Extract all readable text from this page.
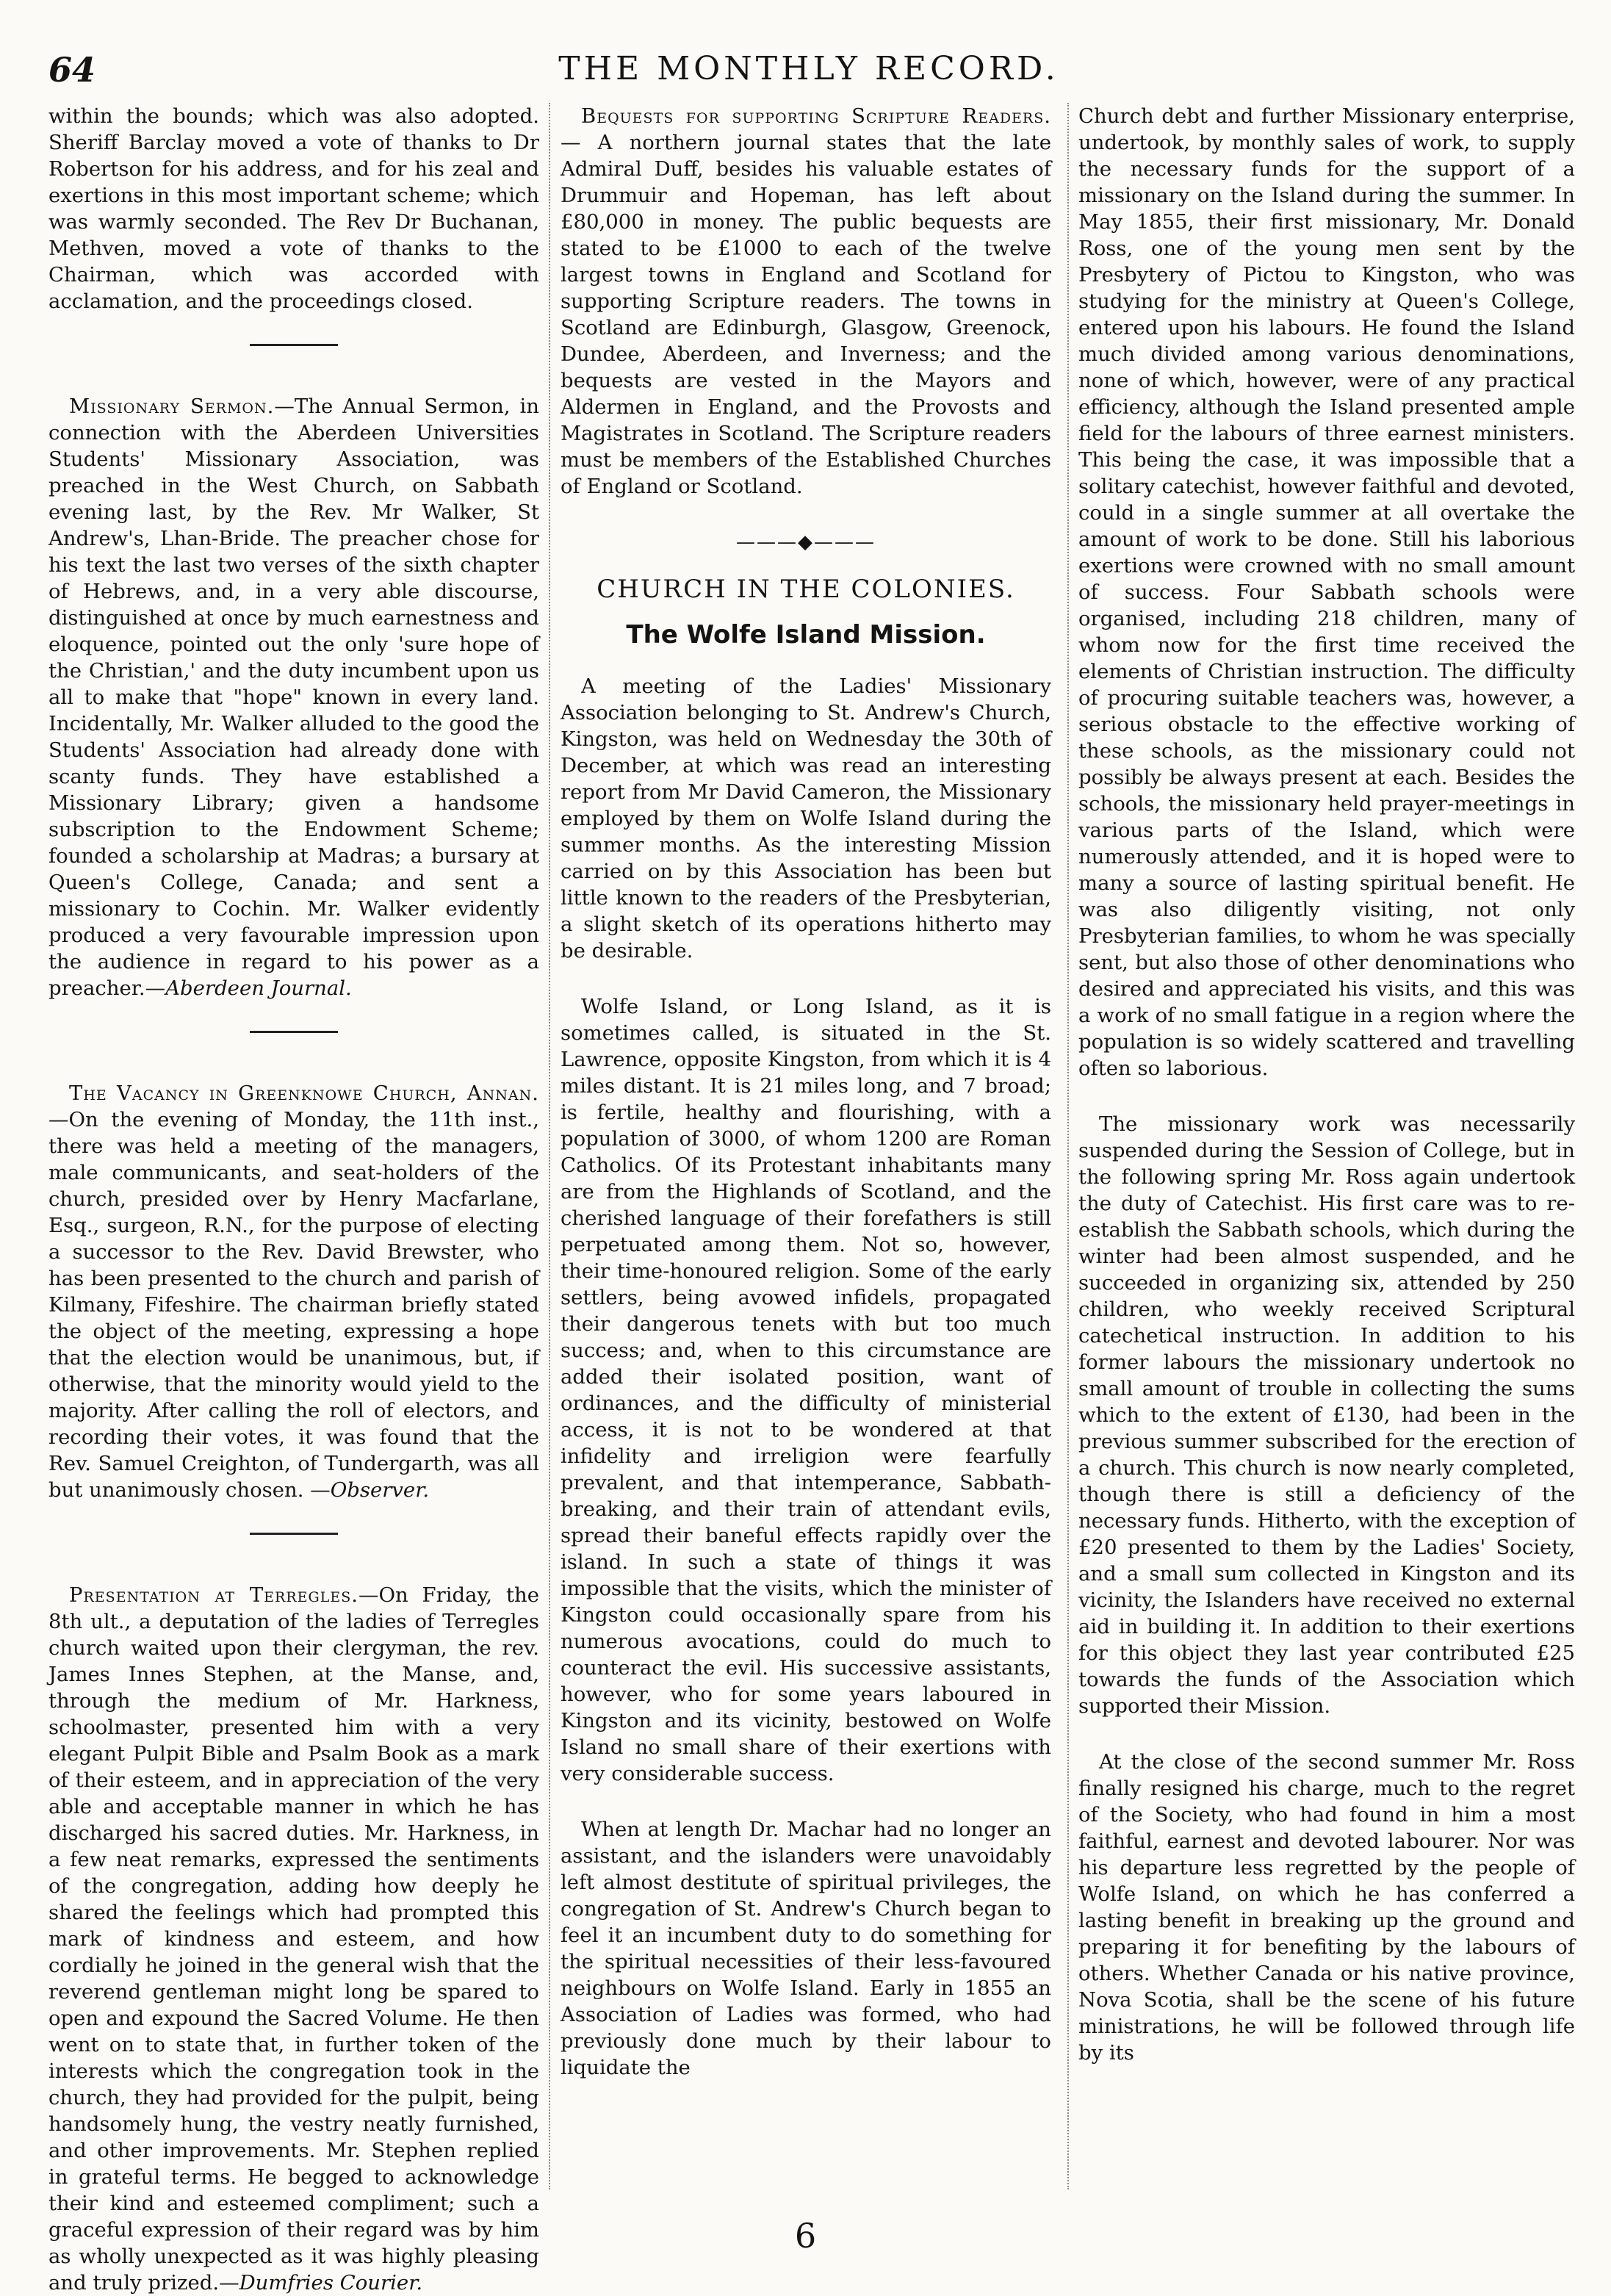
64	THE MONTHLY RECORD.

within the bounds; which was also adopted. Sheriff Barclay moved a vote of thanks to Dr Robertson for his address, and for his zeal and exertions in this most important scheme; which was warmly seconded. The Rev Dr Buchanan, Methven, moved a vote of thanks to the Chairman, which was accorded with acclamation, and the proceedings closed.

Missionary Sermon.—The Annual Sermon, in connection with the Aberdeen Universities Students' Missionary Association, was preached in the West Church, on Sabbath evening last, by the Rev. Mr Walker, St Andrew's, Lhan-Bride. The preacher chose for his text the last two verses of the sixth chapter of Hebrews, and, in a very able discourse, distinguished at once by much earnestness and eloquence, pointed out the only 'sure hope of the Christian,' and the duty incumbent upon us all to make that "hope" known in every land. Incidentally, Mr. Walker alluded to the good the Students' Association had already done with scanty funds. They have established a Missionary Library; given a handsome subscription to the Endowment Scheme; founded a scholarship at Madras; a bursary at Queen's College, Canada; and sent a missionary to Cochin. Mr. Walker evidently produced a very favourable impression upon the audience in regard to his power as a preacher.—Aberdeen Journal.

The Vacancy in Greenknowe Church, Annan.—On the evening of Monday, the 11th inst., there was held a meeting of the managers, male communicants, and seat-holders of the church, presided over by Henry Macfarlane, Esq., surgeon, R.N., for the purpose of electing a successor to the Rev. David Brewster, who has been presented to the church and parish of Kilmany, Fifeshire. The chairman briefly stated the object of the meeting, expressing a hope that the election would be unanimous, but, if otherwise, that the minority would yield to the majority. After calling the roll of electors, and recording their votes, it was found that the Rev. Samuel Creighton, of Tundergarth, was all but unanimously chosen. —Observer.

Presentation at Terregles.—On Friday, the 8th ult., a deputation of the ladies of Terregles church waited upon their clergyman, the rev. James Innes Stephen, at the Manse, and, through the medium of Mr. Harkness, schoolmaster, presented him with a very elegant Pulpit Bible and Psalm Book as a mark of their esteem, and in appreciation of the very able and acceptable manner in which he has discharged his sacred duties. Mr. Harkness, in a few neat remarks, expressed the sentiments of the congregation, adding how deeply he shared the feelings which had prompted this mark of kindness and esteem, and how cordially he joined in the general wish that the reverend gentleman might long be spared to open and expound the Sacred Volume. He then went on to state that, in further token of the interests which the congregation took in the church, they had provided for the pulpit, being handsomely hung, the vestry neatly furnished, and other improvements. Mr. Stephen replied in grateful terms. He begged to acknowledge their kind and esteemed compliment; such a graceful expression of their regard was by him as wholly unexpected as it was highly pleasing and truly prized.—Dumfries Courier.

Bequests for supporting Scripture Readers.— A northern journal states that the late Admiral Duff, besides his valuable estates of Drummuir and Hopeman, has left about £80,000 in money. The public bequests are stated to be £1000 to each of the twelve largest towns in England and Scotland for supporting Scripture readers. The towns in Scotland are Edinburgh, Glasgow, Greenock, Dundee, Aberdeen, and Inverness; and the bequests are vested in the Mayors and Aldermen in England, and the Provosts and Magistrates in Scotland. The Scripture readers must be members of the Established Churches of England or Scotland.

———◆———
CHURCH IN THE COLONIES.
The Wolfe Island Mission.

A meeting of the Ladies' Missionary Association belonging to St. Andrew's Church, Kingston, was held on Wednesday the 30th of December, at which was read an interesting report from Mr David Cameron, the Missionary employed by them on Wolfe Island during the summer months. As the interesting Mission carried on by this Association has been but little known to the readers of the Presbyterian, a slight sketch of its operations hitherto may be desirable.

Wolfe Island, or Long Island, as it is sometimes called, is situated in the St. Lawrence, opposite Kingston, from which it is 4 miles distant. It is 21 miles long, and 7 broad; is fertile, healthy and flourishing, with a population of 3000, of whom 1200 are Roman Catholics. Of its Protestant inhabitants many are from the Highlands of Scotland, and the cherished language of their forefathers is still perpetuated among them. Not so, however, their time-honoured religion. Some of the early settlers, being avowed infidels, propagated their dangerous tenets with but too much success; and, when to this circumstance are added their isolated position, want of ordinances, and the difficulty of ministerial access, it is not to be wondered at that infidelity and irreligion were fearfully prevalent, and that intemperance, Sabbath-breaking, and their train of attendant evils, spread their baneful effects rapidly over the island. In such a state of things it was impossible that the visits, which the minister of Kingston could occasionally spare from his numerous avocations, could do much to counteract the evil. His successive assistants, however, who for some years laboured in Kingston and its vicinity, bestowed on Wolfe Island no small share of their exertions with very considerable success.

When at length Dr. Machar had no longer an assistant, and the islanders were unavoidably left almost destitute of spiritual privileges, the congregation of St. Andrew's Church began to feel it an incumbent duty to do something for the spiritual necessities of their less-favoured neighbours on Wolfe Island. Early in 1855 an Association of Ladies was formed, who had previously done much by their labour to liquidate the

Church debt and further Missionary enterprise, undertook, by monthly sales of work, to supply the necessary funds for the support of a missionary on the Island during the summer. In May 1855, their first missionary, Mr. Donald Ross, one of the young men sent by the Presbytery of Pictou to Kingston, who was studying for the ministry at Queen's College, entered upon his labours. He found the Island much divided among various denominations, none of which, however, were of any practical efficiency, although the Island presented ample field for the labours of three earnest ministers. This being the case, it was impossible that a solitary catechist, however faithful and devoted, could in a single summer at all overtake the amount of work to be done. Still his laborious exertions were crowned with no small amount of success. Four Sabbath schools were organised, including 218 children, many of whom now for the first time received the elements of Christian instruction. The difficulty of procuring suitable teachers was, however, a serious obstacle to the effective working of these schools, as the missionary could not possibly be always present at each. Besides the schools, the missionary held prayer-meetings in various parts of the Island, which were numerously attended, and it is hoped were to many a source of lasting spiritual benefit. He was also diligently visiting, not only Presbyterian families, to whom he was specially sent, but also those of other denominations who desired and appreciated his visits, and this was a work of no small fatigue in a region where the population is so widely scattered and travelling often so laborious.

The missionary work was necessarily suspended during the Session of College, but in the following spring Mr. Ross again undertook the duty of Catechist. His first care was to re-establish the Sabbath schools, which during the winter had been almost suspended, and he succeeded in organizing six, attended by 250 children, who weekly received Scriptural catechetical instruction. In addition to his former labours the missionary undertook no small amount of trouble in collecting the sums which to the extent of £130, had been in the previous summer subscribed for the erection of a church. This church is now nearly completed, though there is still a deficiency of the necessary funds. Hitherto, with the exception of £20 presented to them by the Ladies' Society, and a small sum collected in Kingston and its vicinity, the Islanders have received no external aid in building it. In addition to their exertions for this object they last year contributed £25 towards the funds of the Association which supported their Mission.

At the close of the second summer Mr. Ross finally resigned his charge, much to the regret of the Society, who had found in him a most faithful, earnest and devoted labourer. Nor was his departure less regretted by the people of Wolfe Island, on which he has conferred a lasting benefit in breaking up the ground and preparing it for benefiting by the labours of others. Whether Canada or his native province, Nova Scotia, shall be the scene of his future ministrations, he will be followed through life by its

6
